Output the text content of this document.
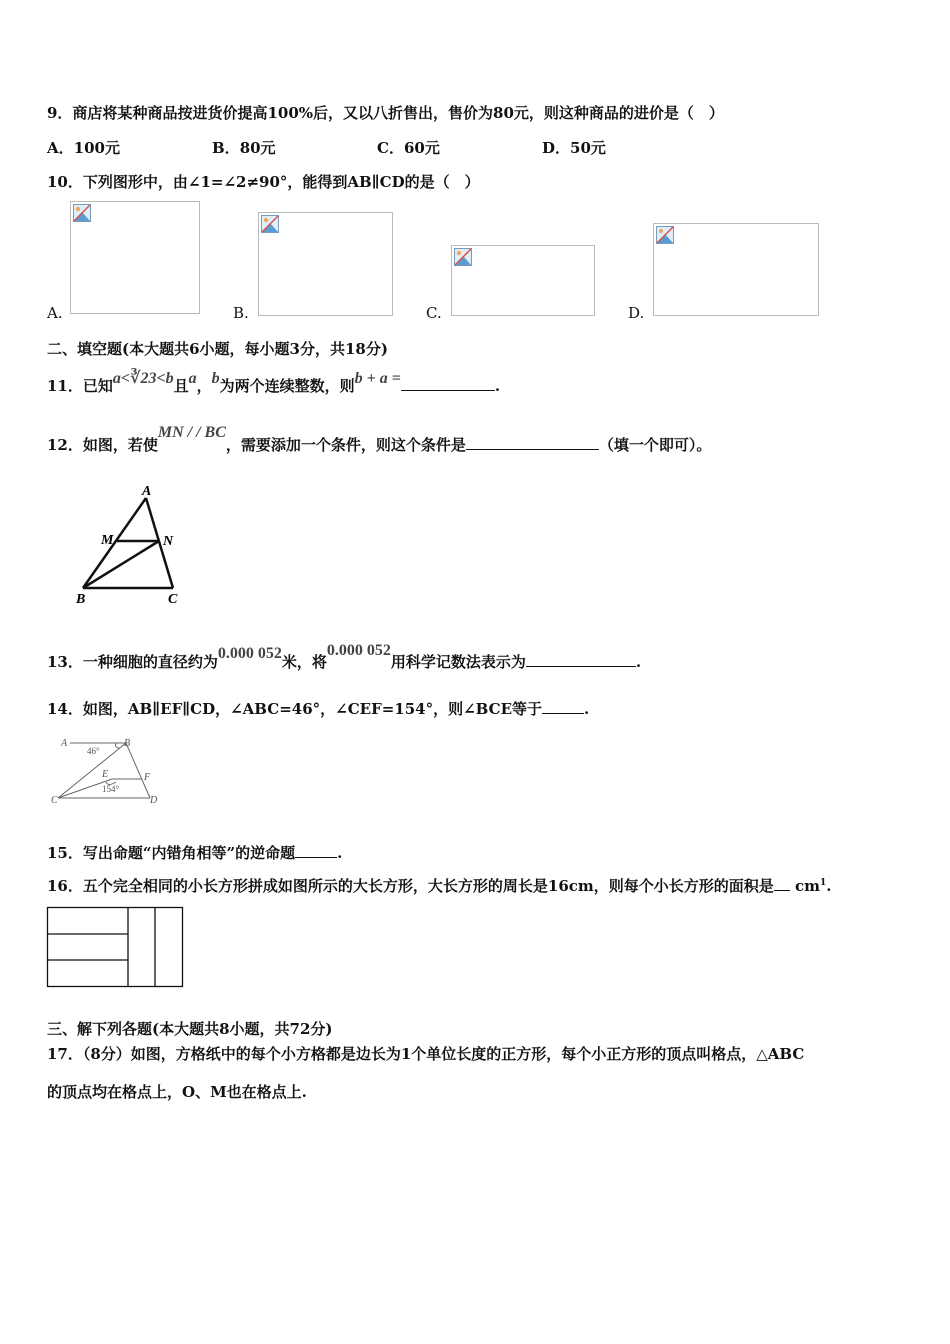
9．商店将某种商品按进货价提高100%后，又以八折售出，售价为80元，则这种商品的进价是（　）
A．100元	B．80元	C．60元	D．50元
10．下列图形中，由∠1=∠2≠90°，能得到AB∥CD的是（　）
A.	B.	C.	D.
二、填空题(本大题共6小题，每小题3分，共18分)
11．已知a<∛23<b且a，b为两个连续整数，则b + a =	.
12．如图，若使MN / / BC，需要添加一个条件，则这个条件是	（填一个即可）。
A
M	N
B	C
13．一种细胞的直径约为0.000 052米，将0.000 052用科学记数法表示为	.
14．如图，AB∥EF∥CD，∠ABC=46°，∠CEF=154°，则∠BCE等于	.
A	B
46°
E	F
154°
C	D
15．写出命题“内错角相等”的逆命题	.
16．五个完全相同的小长方形拼成如图所示的大长方形，大长方形的周长是16cm，则每个小长方形的面积是 $cm^1$.
三、解下列各题(本大题共8小题，共72分)
17．（8分）如图，方格纸中的每个小方格都是边长为1个单位长度的正方形，每个小正方形的顶点叫格点，△ABC
的顶点均在格点上，O、M也在格点上.
